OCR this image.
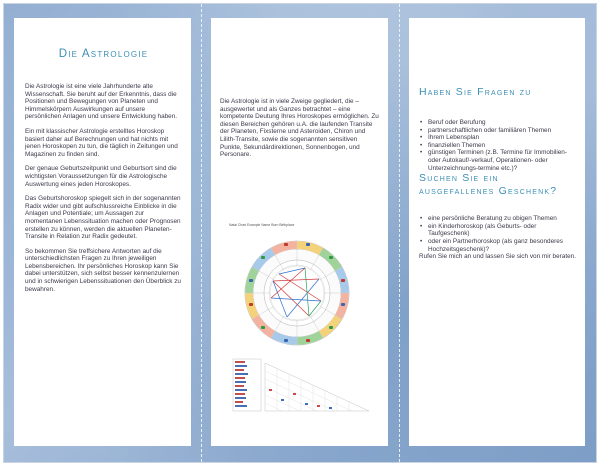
Die Astrologie

Die Astrologie ist eine viele Jahrhunderte alte Wissenschaft. Sie beruht auf der Erkenntnis, dass die Positionen und Bewegungen von Planeten und Himmelskörpern Auswirkungen auf unsere persönlichen Anlagen und unsere Entwicklung haben.

Ein mit klassischer Astrologie erstelltes Horoskop basiert daher auf Berechnungen und hat nichts mit jenen Horoskopen zu tun, die täglich in Zeitungen und Magazinen zu finden sind.

Der genaue Geburtszeitpunkt und Geburtsort sind die wichtigsten Voraussetzungen für die Astrologische Auswertung eines jeden Horoskopes.

Das Geburtshoroskop spiegelt sich in der sogenannten Radix wider und gibt aufschlussreiche Einblicke in die Anlagen und Potentiale; um Aussagen zur momentanen Lebenssituation machen oder Prognosen erstellen zu können, werden die aktuellen Planeten-Transite in Relation zur Radix gedeutet.

So bekommen Sie treffsichere Antworten auf die unterschiedlichsten Fragen zu Ihren jeweiligen Lebensbereichen. Ihr persönliches Horoskop kann Sie dabei unterstützen, sich selbst besser kennenzulernen und in schwierigen Lebenssituationen den Überblick zu bewahren.

Die Astrologie ist in viele Zweige gegliedert, die – ausgewertet und als Ganzes betrachtet – eine kompetente Deutung Ihres Horoskopes ermöglichen. Zu diesen Bereichen gehören u.A. die laufenden Transite der Planeten, Fixsterne und Asteroiden, Chiron und Lilith-Transite, sowie die sogenannten sensitiven Punkte, Sekundärdirektionen, Sonnenbogen, und Personare.

Natal Chart Example Name Born Birthplace
Haben Sie Fragen zu
• Beruf oder Berufung
• partnerschaftlichen oder familiären Themen
• Ihrem Lebensplan
• finanziellen Themen
• günstigen Terminen (z.B. Termine für Immobilien- oder Autokauf/-verkauf, Operationen- oder Unterzeichnungs-termine etc.)?
Suchen Sie ein ausgefallenes Geschenk?
• eine persönliche Beratung zu obigen Themen
• ein Kinderhoroskop (als Geburts- oder Taufgeschenk)
• oder ein Partnerhoroskop (als ganz besonderes Hochzeitsgeschenk)?

Rufen Sie mich an und lassen Sie sich von mir beraten.
